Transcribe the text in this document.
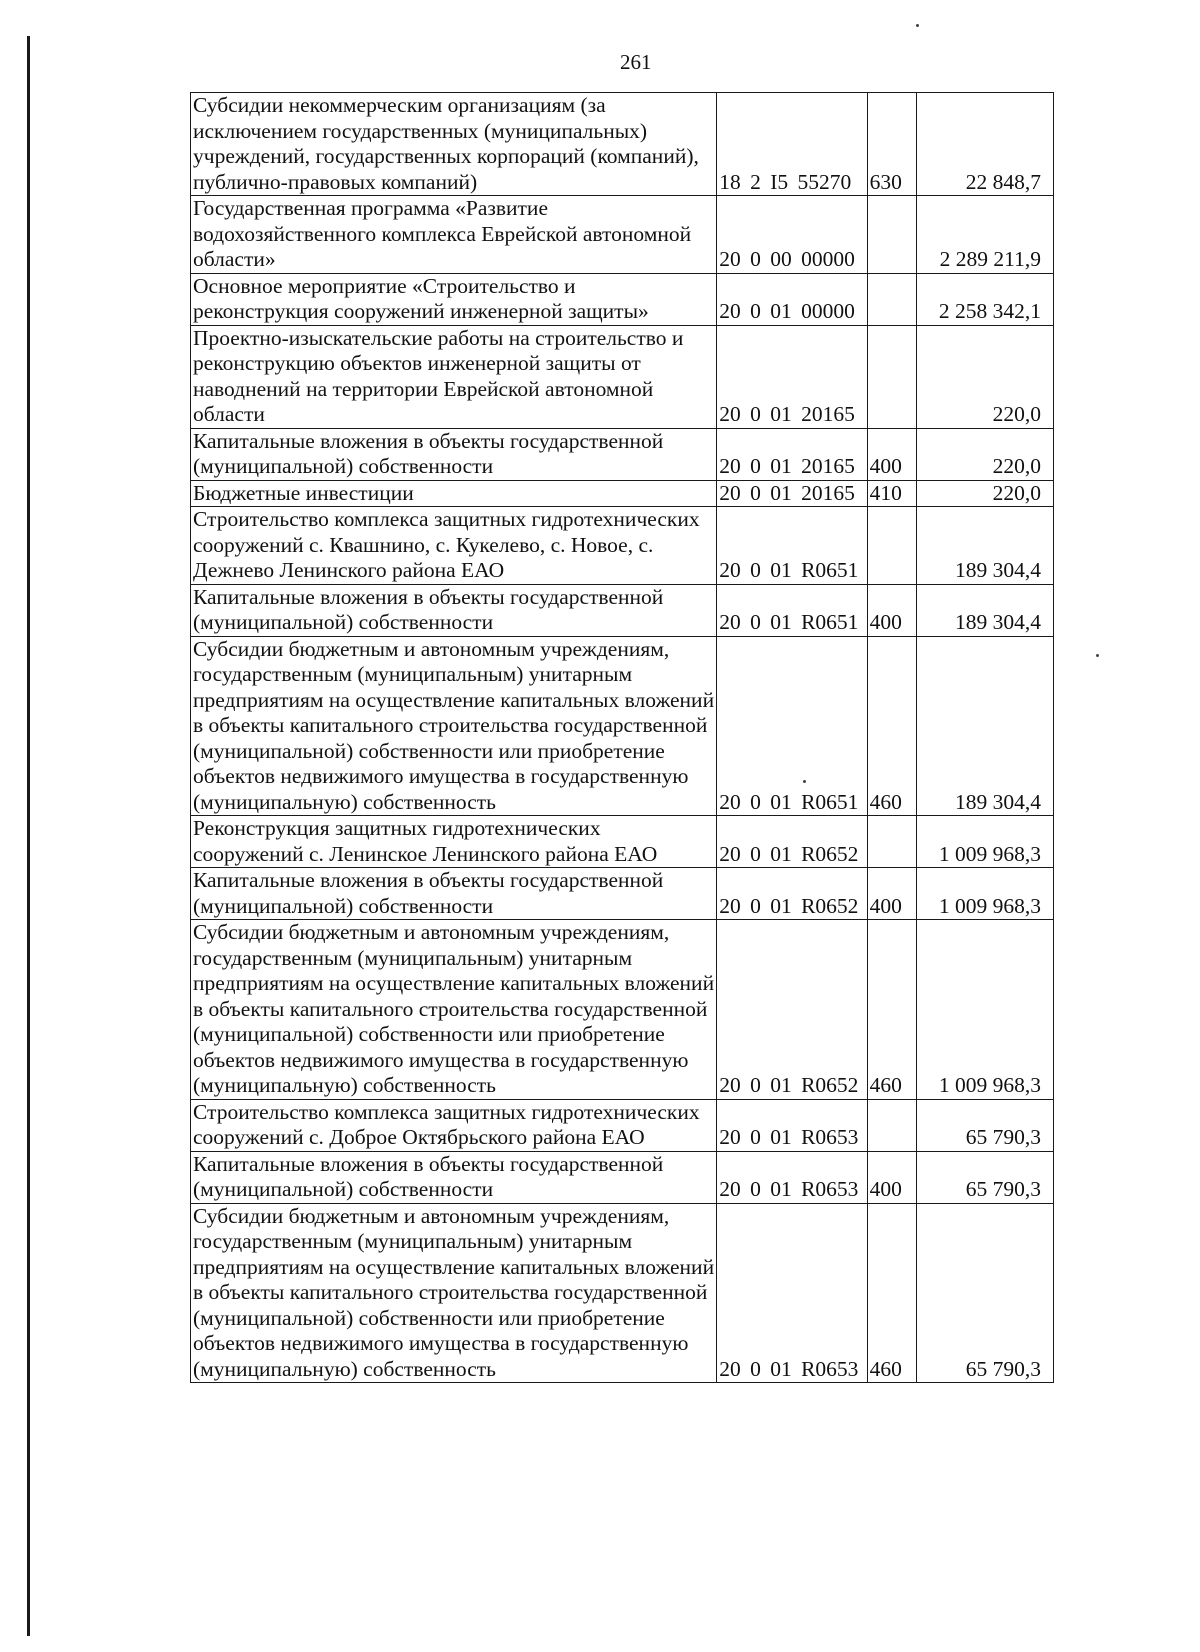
261
Субсидии некоммерческим организациям (за исключением государственных (муниципальных) учреждений, государственных корпораций (компаний), публично-правовых компаний)	18 2 I5 55270	630	22 848,7
Государственная программа «Развитие водохозяйственного комплекса Еврейской автономной области»	20 0 00 00000		2 289 211,9
Основное мероприятие «Строительство и реконструкция сооружений инженерной защиты»	20 0 01 00000		2 258 342,1
Проектно-изыскательские работы на строительство и реконструкцию объектов инженерной защиты от наводнений на территории Еврейской автономной области	20 0 01 20165		220,0
Капитальные вложения в объекты государственной (муниципальной) собственности	20 0 01 20165	400	220,0
Бюджетные инвестиции	20 0 01 20165	410	220,0
Строительство комплекса защитных гидротехнических сооружений с. Квашнино, с. Кукелево, с. Новое, с. Дежнево Ленинского района ЕАО	20 0 01 R0651		189 304,4
Капитальные вложения в объекты государственной (муниципальной) собственности	20 0 01 R0651	400	189 304,4
Субсидии бюджетным и автономным учреждениям, государственным (муниципальным) унитарным предприятиям на осуществление капитальных вложений в объекты капитального строительства государственной (муниципальной) собственности или приобретение объектов недвижимого имущества в государственную (муниципальную) собственность	20 0 01 R0651	460	189 304,4
Реконструкция защитных гидротехнических сооружений с. Ленинское Ленинского района ЕАО	20 0 01 R0652		1 009 968,3
Капитальные вложения в объекты государственной (муниципальной) собственности	20 0 01 R0652	400	1 009 968,3
Субсидии бюджетным и автономным учреждениям, государственным (муниципальным) унитарным предприятиям на осуществление капитальных вложений в объекты капитального строительства государственной (муниципальной) собственности или приобретение объектов недвижимого имущества в государственную (муниципальную) собственность	20 0 01 R0652	460	1 009 968,3
Строительство комплекса защитных гидротехнических сооружений с. Доброе Октябрьского района ЕАО	20 0 01 R0653		65 790,3
Капитальные вложения в объекты государственной (муниципальной) собственности	20 0 01 R0653	400	65 790,3
Субсидии бюджетным и автономным учреждениям, государственным (муниципальным) унитарным предприятиям на осуществление капитальных вложений в объекты капитального строительства государственной (муниципальной) собственности или приобретение объектов недвижимого имущества в государственную (муниципальную) собственность	20 0 01 R0653	460	65 790,3
